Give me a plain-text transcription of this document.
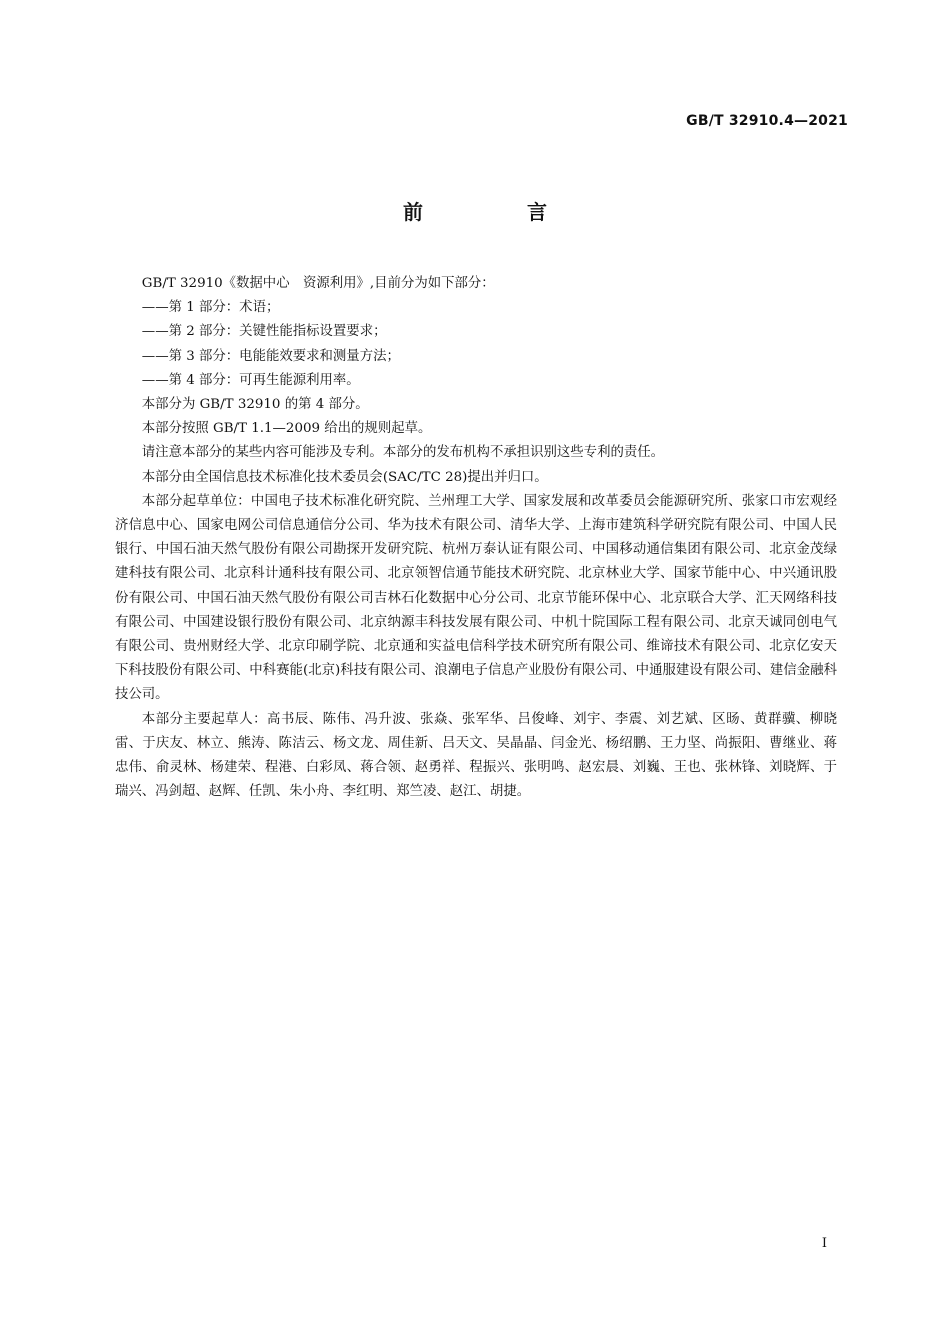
GB/T 32910.4—2021
前　言

GB/T 32910《数据中心　资源利用》,目前分为如下部分：

——第 1 部分：术语；

——第 2 部分：关键性能指标设置要求；

——第 3 部分：电能能效要求和测量方法；

——第 4 部分：可再生能源利用率。

本部分为 GB/T 32910 的第 4 部分。

本部分按照 GB/T 1.1—2009 给出的规则起草。

请注意本部分的某些内容可能涉及专利。本部分的发布机构不承担识别这些专利的责任。

本部分由全国信息技术标准化技术委员会(SAC/TC 28)提出并归口。

本部分起草单位：中国电子技术标准化研究院、兰州理工大学、国家发展和改革委员会能源研究所、张家口市宏观经济信息中心、国家电网公司信息通信分公司、华为技术有限公司、清华大学、上海市建筑科学研究院有限公司、中国人民银行、中国石油天然气股份有限公司勘探开发研究院、杭州万泰认证有限公司、中国移动通信集团有限公司、北京金茂绿建科技有限公司、北京科计通科技有限公司、北京领智信通节能技术研究院、北京林业大学、国家节能中心、中兴通讯股份有限公司、中国石油天然气股份有限公司吉林石化数据中心分公司、北京节能环保中心、北京联合大学、汇天网络科技有限公司、中国建设银行股份有限公司、北京纳源丰科技发展有限公司、中机十院国际工程有限公司、北京天诚同创电气有限公司、贵州财经大学、北京印刷学院、北京通和实益电信科学技术研究所有限公司、维谛技术有限公司、北京亿安天下科技股份有限公司、中科赛能(北京)科技有限公司、浪潮电子信息产业股份有限公司、中通服建设有限公司、建信金融科技公司。

本部分主要起草人：高书辰、陈伟、冯升波、张焱、张军华、吕俊峰、刘宇、李震、刘艺斌、区旸、黄群骥、柳晓雷、于庆友、林立、熊涛、陈洁云、杨文龙、周佳新、吕天文、吴晶晶、闫金光、杨绍鹏、王力坚、尚振阳、曹继业、蒋忠伟、俞灵林、杨建荣、程港、白彩凤、蒋合领、赵勇祥、程振兴、张明鸣、赵宏晨、刘巍、王也、张林锋、刘晓辉、于瑞兴、冯剑超、赵辉、任凯、朱小舟、李红明、郑竺凌、赵江、胡捷。

I
